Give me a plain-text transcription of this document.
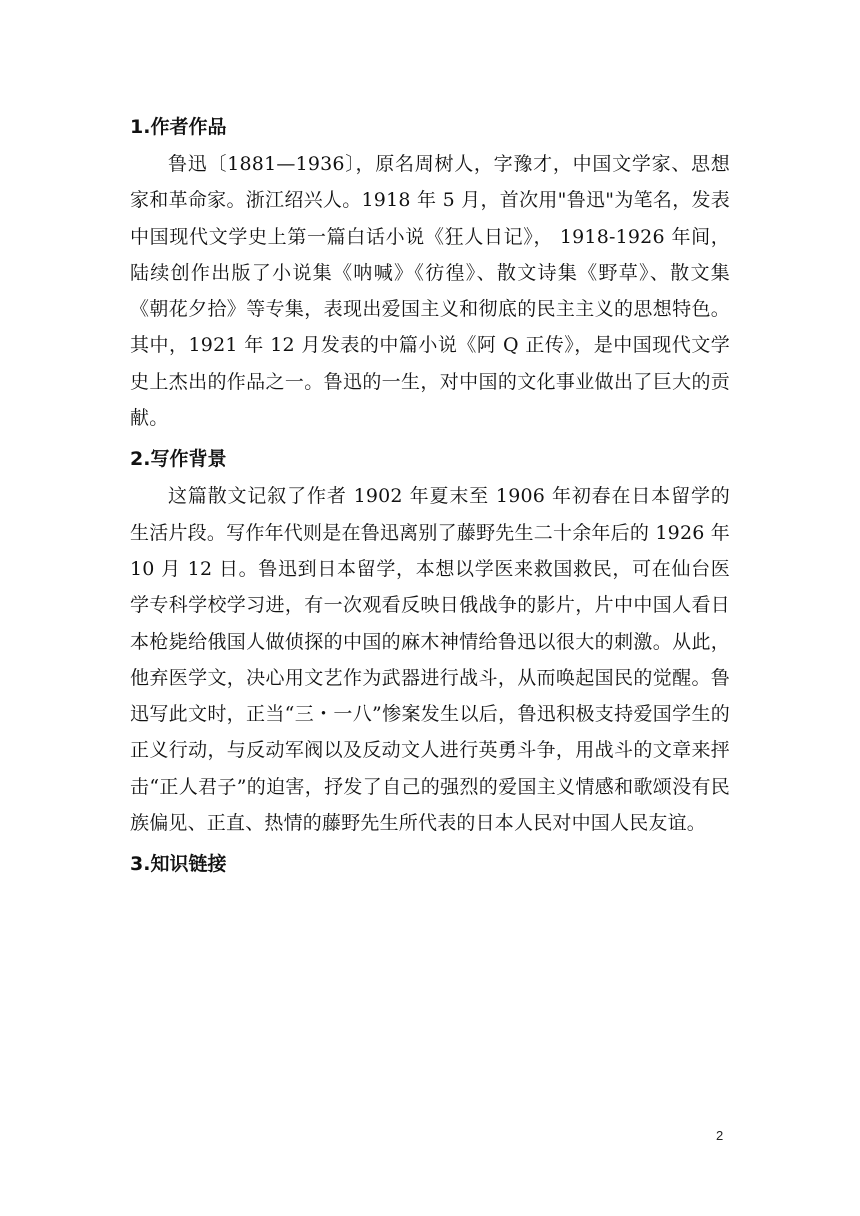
1.作者作品

鲁迅〔1881—1936〕，原名周树人，字豫才，中国文学家、思想家和革命家。浙江绍兴人。1918 年 5 月，首次用"鲁迅"为笔名，发表中国现代文学史上第一篇白话小说《狂人日记》， 1918-1926 年间，陆续创作出版了小说集《呐喊》《彷徨》、散文诗集《野草》、散文集《朝花夕拾》等专集，表现出爱国主义和彻底的民主主义的思想特色。其中，1921 年 12 月发表的中篇小说《阿 Q 正传》，是中国现代文学史上杰出的作品之一。鲁迅的一生，对中国的文化事业做出了巨大的贡献。

2.写作背景

这篇散文记叙了作者 1902 年夏末至 1906 年初春在日本留学的生活片段。写作年代则是在鲁迅离别了藤野先生二十余年后的 1926 年 10 月 12 日。鲁迅到日本留学，本想以学医来救国救民，可在仙台医学专科学校学习进，有一次观看反映日俄战争的影片，片中中国人看日本枪毙给俄国人做侦探的中国的麻木神情给鲁迅以很大的刺激。从此，他弃医学文，决心用文艺作为武器进行战斗，从而唤起国民的觉醒。鲁迅写此文时，正当“三・一八”惨案发生以后，鲁迅积极支持爱国学生的正义行动，与反动军阀以及反动文人进行英勇斗争，用战斗的文章来抨击“正人君子”的迫害，抒发了自己的强烈的爱国主义情感和歌颂没有民族偏见、正直、热情的藤野先生所代表的日本人民对中国人民友谊。

3.知识链接
2
